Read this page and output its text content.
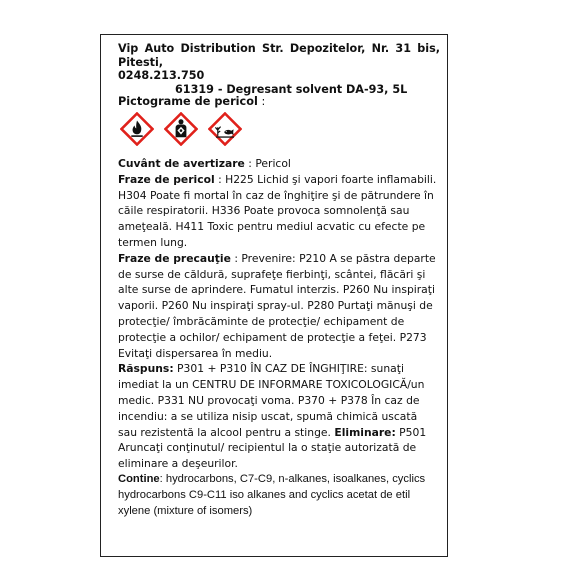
Vip Auto Distribution Str. Depozitelor, Nr. 31 bis, Pitesti,
0248.213.750
61319 - Degresant solvent DA-93, 5L
Pictograme de pericol :

Cuvânt de avertizare : Pericol

Fraze de pericol : H225 Lichid şi vapori foarte inflamabili. H304 Poate fi mortal în caz de înghiţire şi de pătrundere în căile respiratorii. H336 Poate provoca somnolenţă sau ameţeală. H411 Toxic pentru mediul acvatic cu efecte pe termen lung.

Fraze de precauţie : Prevenire: P210 A se păstra departe de surse de căldură, suprafeţe fierbinţi, scântei, flăcări şi alte surse de aprindere. Fumatul interzis. P260 Nu inspiraţi vaporii. P260 Nu inspiraţi spray-ul. P280 Purtaţi mănuşi de protecţie/ îmbrăcăminte de protecţie/ echipament de protecţie a ochilor/ echipament de protecţie a feţei. P273 Evitaţi dispersarea în mediu.

Răspuns: P301 + P310 ÎN CAZ DE ÎNGHIŢIRE: sunaţi imediat la un CENTRU DE INFORMARE TOXICOLOGICĂ/un medic. P331 NU provocaţi voma. P370 + P378 În caz de incendiu: a se utiliza nisip uscat, spumă chimică uscată sau rezistentă la alcool pentru a stinge. Eliminare: P501 Aruncaţi conţinutul/ recipientul la o staţie autorizată de eliminare a deşeurilor.

Contine: hydrocarbons, C7-C9, n-alkanes, isoalkanes, cyclics hydrocarbons C9-C11 iso alkanes and cyclics acetat de etil xylene (mixture of isomers)
